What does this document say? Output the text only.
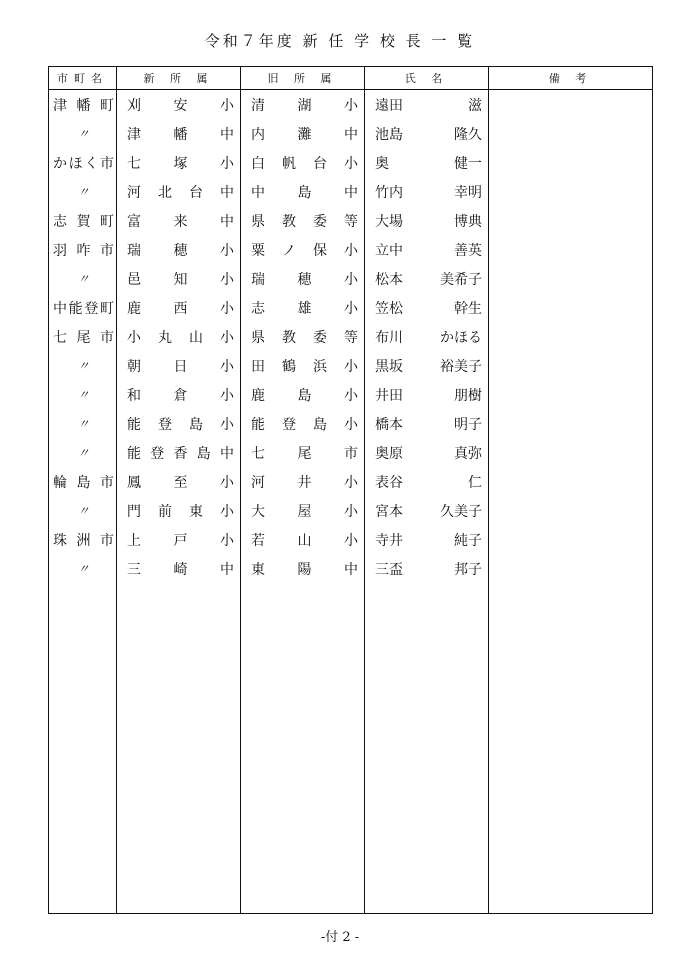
令和７年度 新 任 学 校 長 一 覧
市町名	新 所 属	旧 所 属	氏 名	備 考

津幡町	刈安小	清湖小	遠田 滋	

〃	津幡中	内灘中	池島 隆久	

かほく市	七塚小	白帆台小	奥 健一	

〃	河北台中	中島中	竹内 幸明	

志賀町	富来中	県教委等	大場 博典	

羽咋市	瑞穂小	粟ノ保小	立中 善英	

〃	邑知小	瑞穂小	松本 美希子	

中能登町	鹿西小	志雄小	笠松 幹生	

七尾市	小丸山小	県教委等	布川 かほる	

〃	朝日小	田鶴浜小	黒坂 裕美子	

〃	和倉小	鹿島小	井田 朋樹	

〃	能登島小	能登島小	橋本 明子	

〃	能登香島中	七尾市	奥原 真弥	

輪島市	鳳至小	河井小	表谷 仁	

〃	門前東小	大屋小	宮本 久美子	

珠洲市	上戸小	若山小	寺井 純子	

〃	三崎中	東陽中	三盃 邦子	

-付 2 -
